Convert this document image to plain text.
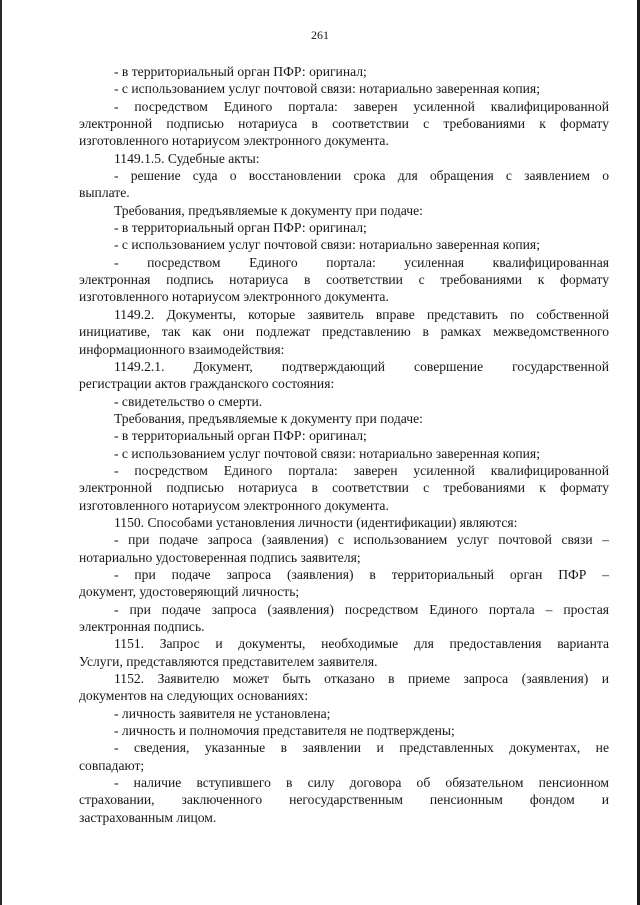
261
- в территориальный орган ПФР: оригинал;
- с использованием услуг почтовой связи: нотариально заверенная копия;
- посредством Единого портала: заверен усиленной квалифицированной
электронной подписью нотариуса в соответствии с требованиями к формату
изготовленного нотариусом электронного документа.
1149.1.5. Судебные акты:
- решение суда о восстановлении срока для обращения с заявлением о
выплате.
Требования, предъявляемые к документу при подаче:
- в территориальный орган ПФР: оригинал;
- с использованием услуг почтовой связи: нотариально заверенная копия;
- посредством Единого портала: усиленная квалифицированная
электронная подпись нотариуса в соответствии с требованиями к формату
изготовленного нотариусом электронного документа.
1149.2. Документы, которые заявитель вправе представить по собственной
инициативе, так как они подлежат представлению в рамках межведомственного
информационного взаимодействия:
1149.2.1. Документ, подтверждающий совершение государственной
регистрации актов гражданского состояния:
- свидетельство о смерти.
Требования, предъявляемые к документу при подаче:
- в территориальный орган ПФР: оригинал;
- с использованием услуг почтовой связи: нотариально заверенная копия;
- посредством Единого портала: заверен усиленной квалифицированной
электронной подписью нотариуса в соответствии с требованиями к формату
изготовленного нотариусом электронного документа.
1150. Способами установления личности (идентификации) являются:
- при подаче запроса (заявления) с использованием услуг почтовой связи –
нотариально удостоверенная подпись заявителя;
- при подаче запроса (заявления) в территориальный орган ПФР –
документ, удостоверяющий личность;
- при подаче запроса (заявления) посредством Единого портала – простая
электронная подпись.
1151. Запрос и документы, необходимые для предоставления варианта
Услуги, представляются представителем заявителя.
1152. Заявителю может быть отказано в приеме запроса (заявления) и
документов на следующих основаниях:
- личность заявителя не установлена;
- личность и полномочия представителя не подтверждены;
- сведения, указанные в заявлении и представленных документах, не
совпадают;
- наличие вступившего в силу договора об обязательном пенсионном
страховании, заключенного негосударственным пенсионным фондом и
застрахованным лицом.
